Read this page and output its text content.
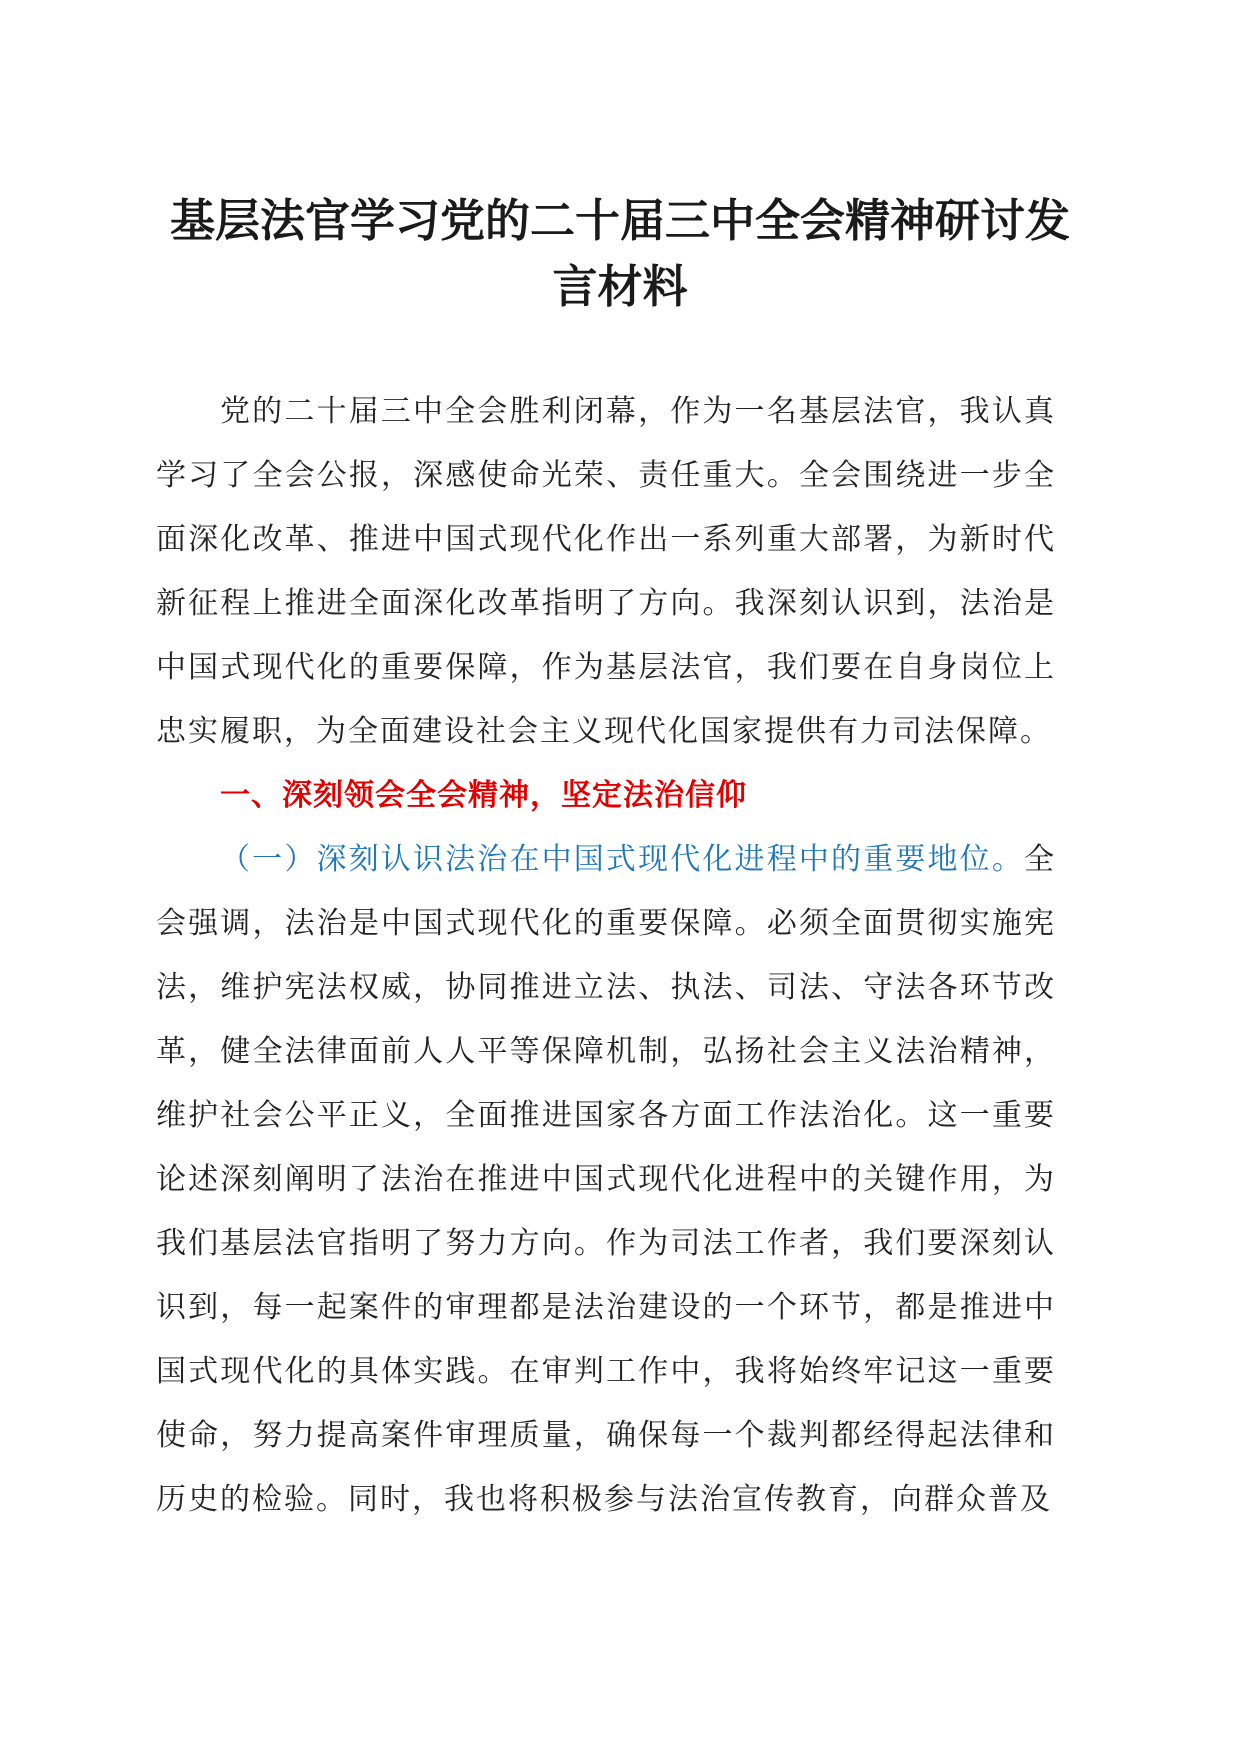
基层法官学习党的二十届三中全会精神研讨发言材料

党的二十届三中全会胜利闭幕，作为一名基层法官，我认真学习了全会公报，深感使命光荣、责任重大。全会围绕进一步全面深化改革、推进中国式现代化作出一系列重大部署，为新时代新征程上推进全面深化改革指明了方向。我深刻认识到，法治是中国式现代化的重要保障，作为基层法官，我们要在自身岗位上忠实履职，为全面建设社会主义现代化国家提供有力司法保障。

一、深刻领会全会精神，坚定法治信仰

（一）深刻认识法治在中国式现代化进程中的重要地位。全会强调，法治是中国式现代化的重要保障。必须全面贯彻实施宪法，维护宪法权威，协同推进立法、执法、司法、守法各环节改革，健全法律面前人人平等保障机制，弘扬社会主义法治精神，维护社会公平正义，全面推进国家各方面工作法治化。这一重要论述深刻阐明了法治在推进中国式现代化进程中的关键作用，为我们基层法官指明了努力方向。作为司法工作者，我们要深刻认识到，每一起案件的审理都是法治建设的一个环节，都是推进中国式现代化的具体实践。在审判工作中，我将始终牢记这一重要使命，努力提高案件审理质量，确保每一个裁判都经得起法律和历史的检验。同时，我也将积极参与法治宣传教育，向群众普及
